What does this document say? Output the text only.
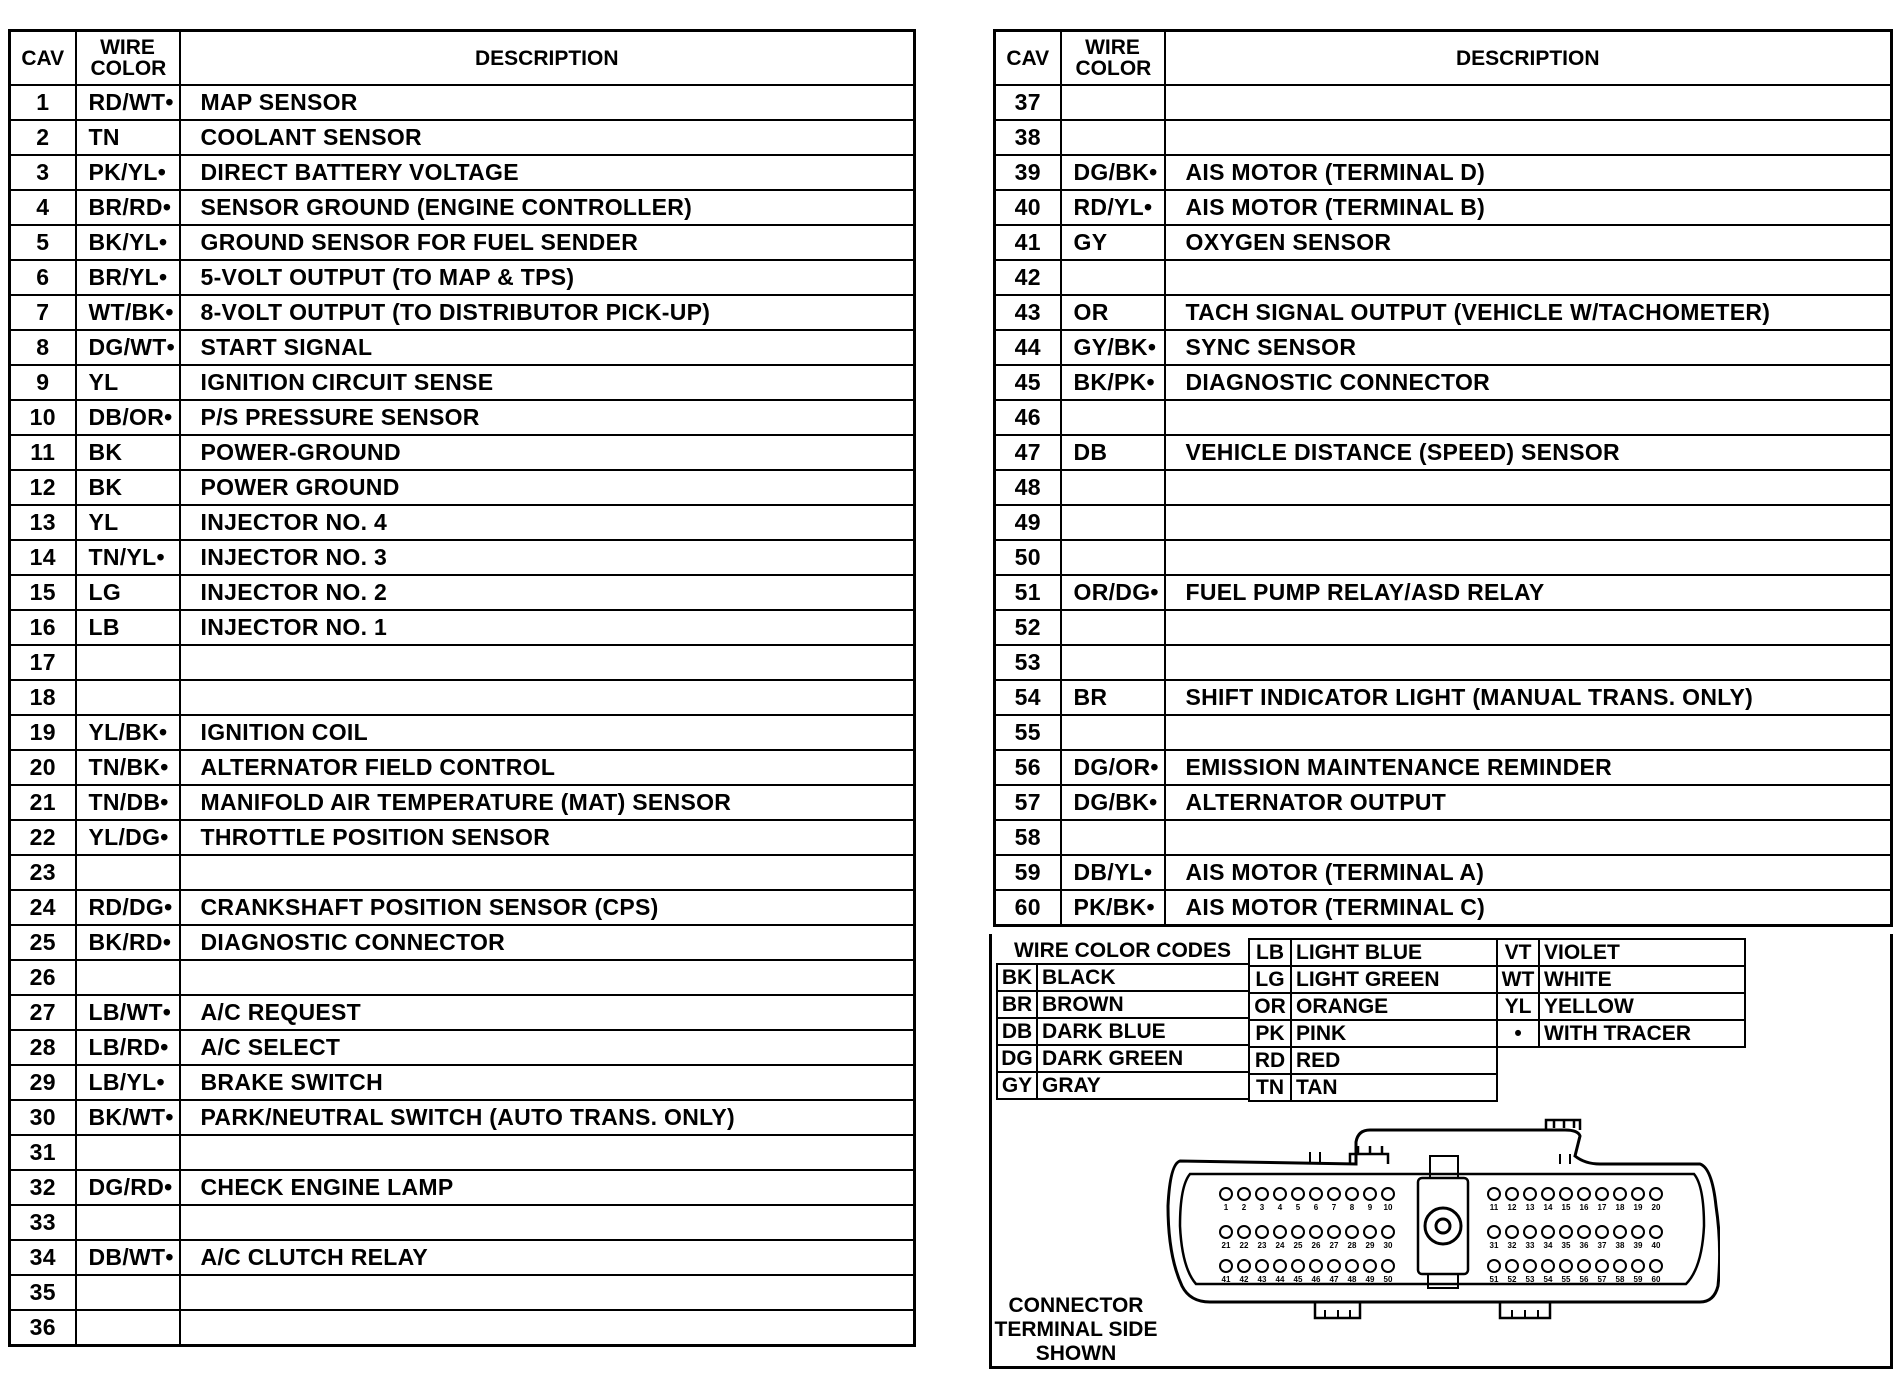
CAV	WIRE COLOR	DESCRIPTION
1	RD/WT•	MAP SENSOR
2	TN	COOLANT SENSOR
3	PK/YL•	DIRECT BATTERY VOLTAGE
4	BR/RD•	SENSOR GROUND (ENGINE CONTROLLER)
5	BK/YL•	GROUND SENSOR FOR FUEL SENDER
6	BR/YL•	5-VOLT OUTPUT (TO MAP & TPS)
7	WT/BK•	8-VOLT OUTPUT (TO DISTRIBUTOR PICK-UP)
8	DG/WT•	START SIGNAL
9	YL	IGNITION CIRCUIT SENSE
10	DB/OR•	P/S PRESSURE SENSOR
11	BK	POWER-GROUND
12	BK	POWER GROUND
13	YL	INJECTOR NO. 4
14	TN/YL•	INJECTOR NO. 3
15	LG	INJECTOR NO. 2
16	LB	INJECTOR NO. 1
17		
18		
19	YL/BK•	IGNITION COIL
20	TN/BK•	ALTERNATOR FIELD CONTROL
21	TN/DB•	MANIFOLD AIR TEMPERATURE (MAT) SENSOR
22	YL/DG•	THROTTLE POSITION SENSOR
23		
24	RD/DG•	CRANKSHAFT POSITION SENSOR (CPS)
25	BK/RD•	DIAGNOSTIC CONNECTOR
26		
27	LB/WT•	A/C REQUEST
28	LB/RD•	A/C SELECT
29	LB/YL•	BRAKE SWITCH
30	BK/WT•	PARK/NEUTRAL SWITCH (AUTO TRANS. ONLY)
31		
32	DG/RD•	CHECK ENGINE LAMP
33		
34	DB/WT•	A/C CLUTCH RELAY
35		
36		
CAV	WIRE COLOR	DESCRIPTION
37		
38		
39	DG/BK•	AIS MOTOR (TERMINAL D)
40	RD/YL•	AIS MOTOR (TERMINAL B)
41	GY	OXYGEN SENSOR
42		
43	OR	TACH SIGNAL OUTPUT (VEHICLE W/TACHOMETER)
44	GY/BK•	SYNC SENSOR
45	BK/PK•	DIAGNOSTIC CONNECTOR
46		
47	DB	VEHICLE DISTANCE (SPEED) SENSOR
48		
49		
50		
51	OR/DG•	FUEL PUMP RELAY/ASD RELAY
52		
53		
54	BR	SHIFT INDICATOR LIGHT (MANUAL TRANS. ONLY)
55		
56	DG/OR•	EMISSION MAINTENANCE REMINDER
57	DG/BK•	ALTERNATOR OUTPUT
58		
59	DB/YL•	AIS MOTOR (TERMINAL A)
60	PK/BK•	AIS MOTOR (TERMINAL C)
WIRE COLOR CODES	
BK	BLACK
BR	BROWN
DB	DARK BLUE
DG	DARK GREEN
GY	GRAY
LB	LIGHT BLUE
LG	LIGHT GREEN
OR	ORANGE
PK	PINK
RD	RED
TN	TAN
VT	VIOLET
WT	WHITE
YL	YELLOW
•	WITH TRACER
CONNECTOR
TERMINAL SIDE
SHOWN
1 2 3 4 5 6 7 8 9 10
21 22 23 24 25 26 27 28 29 30
41 42 43 44 45 46 47 48 49 50
11 12 13 14 15 16 17 18 19 20
31 32 33 34 35 36 37 38 39 40
51 52 53 54 55 56 57 58 59 60
